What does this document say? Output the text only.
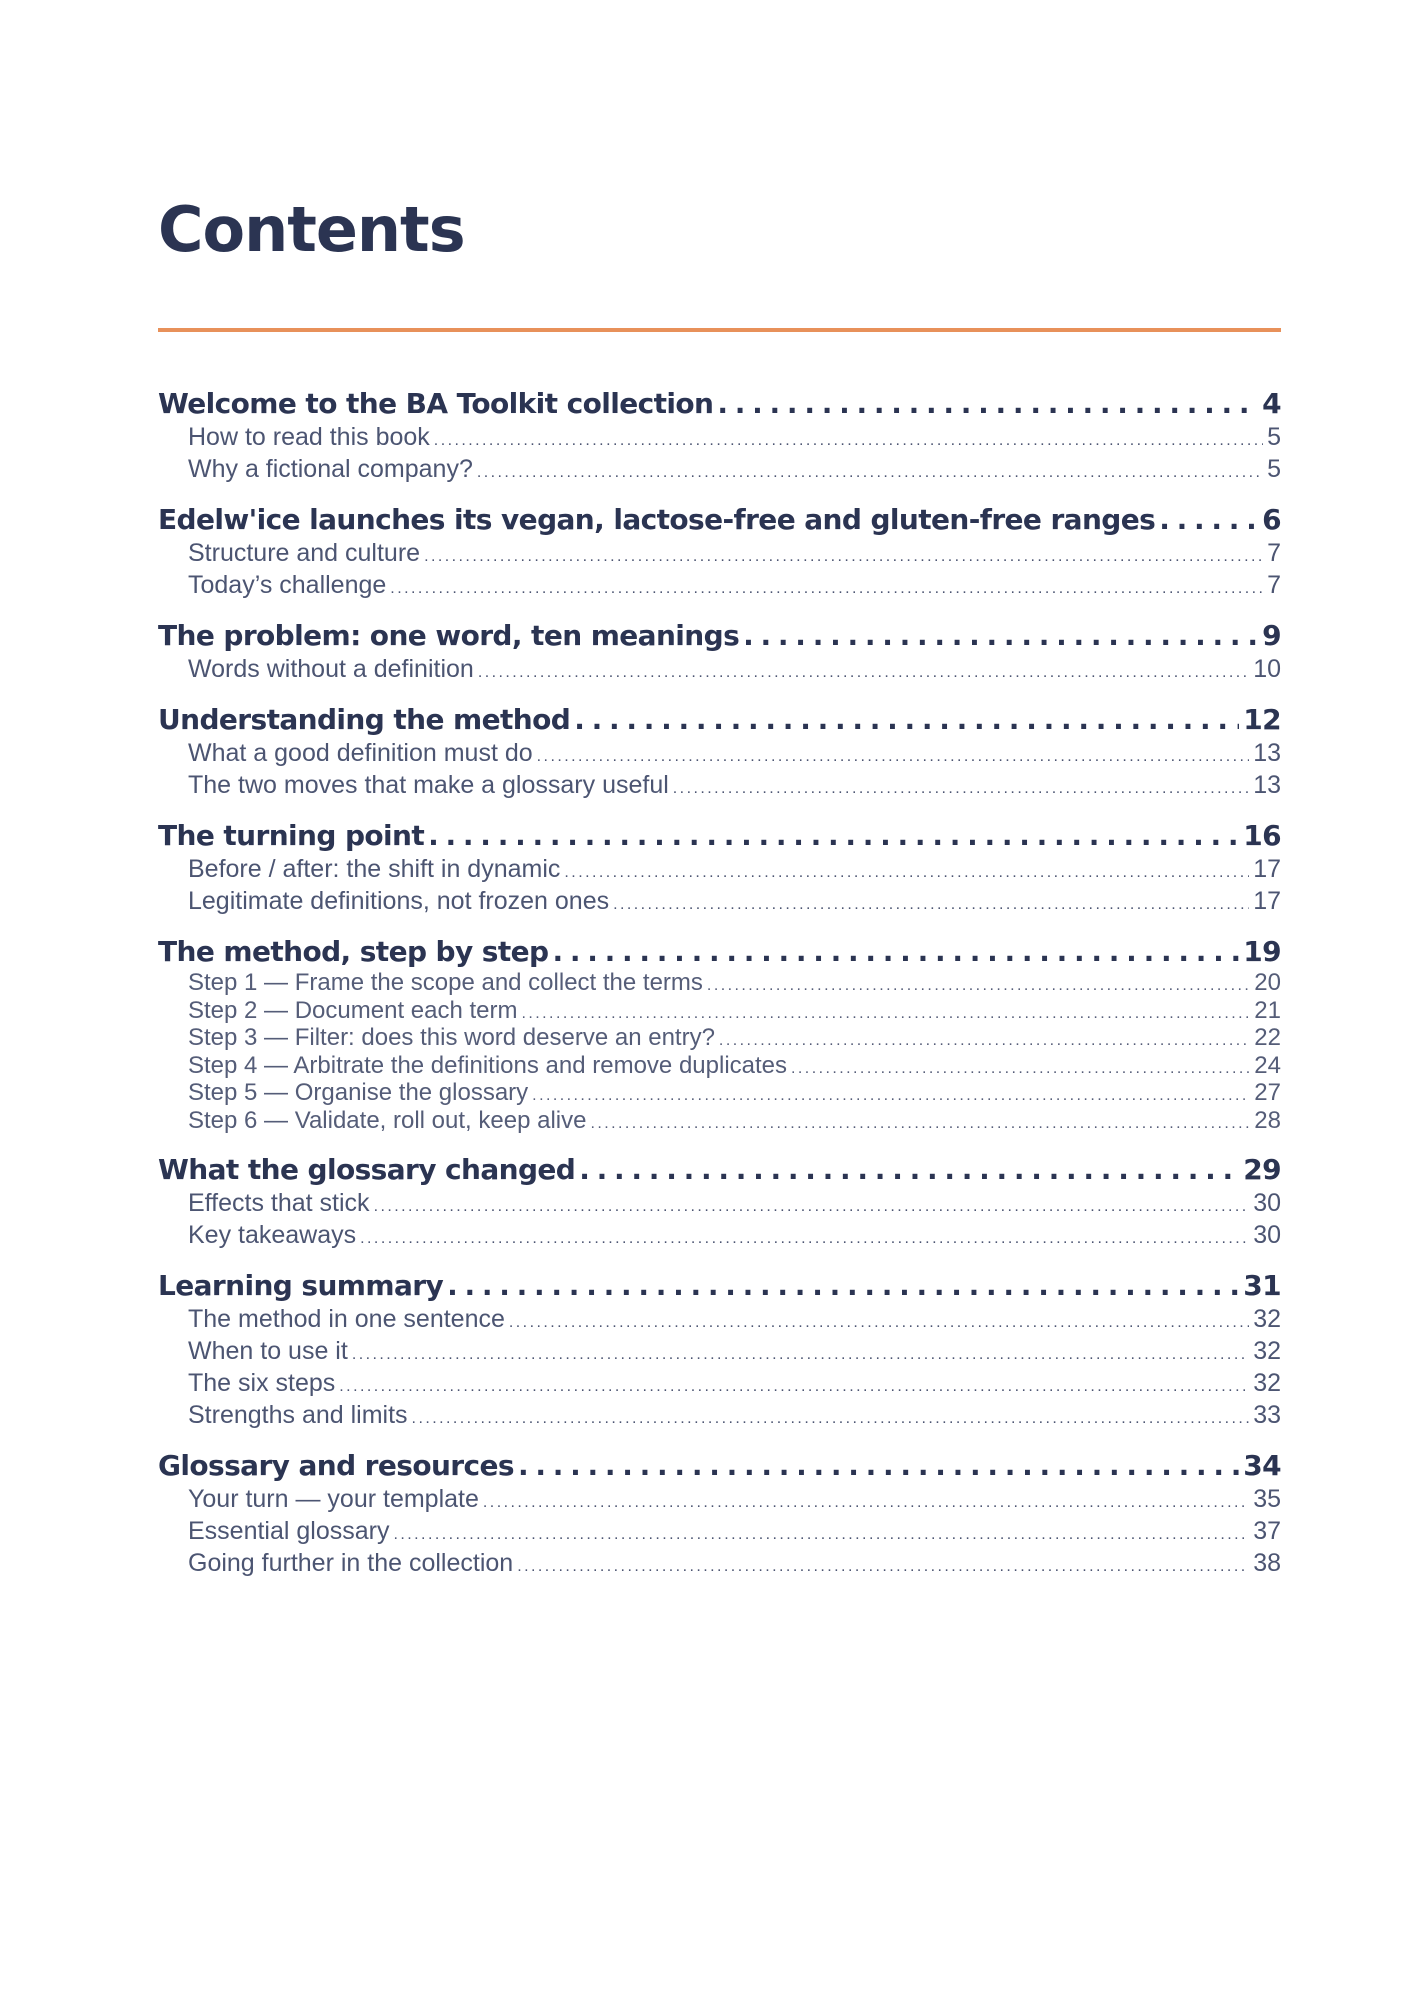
Contents
Welcome to the BA Toolkit collection . . .	4
How to read this book . . .	5
Why a fictional company? . . .	5
Edelw'ice launches its vegan, lactose-free and gluten-free ranges . . .	6
Structure and culture . . .	7
Today’s challenge . . .	7
The problem: one word, ten meanings . . .	9
Words without a definition . . .	10
Understanding the method . . .	12
What a good definition must do . . .	13
The two moves that make a glossary useful . . .	13
The turning point . . .	16
Before / after: the shift in dynamic . . .	17
Legitimate definitions, not frozen ones . . .	17
The method, step by step . . .	19
Step 1 — Frame the scope and collect the terms . . .	20
Step 2 — Document each term . . .	21
Step 3 — Filter: does this word deserve an entry? . . .	22
Step 4 — Arbitrate the definitions and remove duplicates . . .	24
Step 5 — Organise the glossary . . .	27
Step 6 — Validate, roll out, keep alive . . .	28
What the glossary changed . . .	29
Effects that stick . . .	30
Key takeaways . . .	30
Learning summary . . .	31
The method in one sentence . . .	32
When to use it . . .	32
The six steps . . .	32
Strengths and limits . . .	33
Glossary and resources . . .	34
Your turn — your template . . .	35
Essential glossary . . .	37
Going further in the collection . . .	38
